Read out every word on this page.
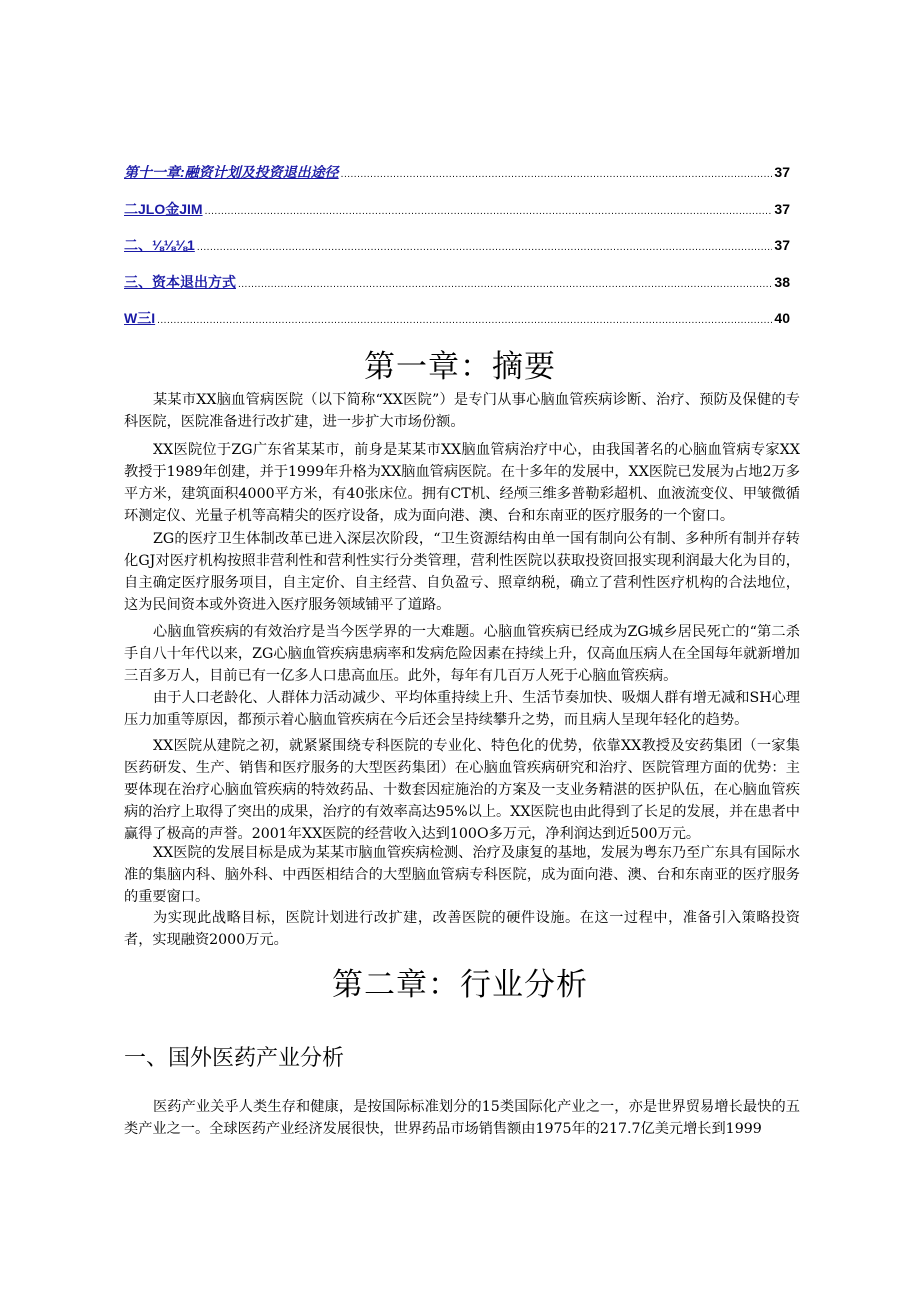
第十一章:融资计划及投资退出途径 .....	37
二JLO金JIM .....	37
二、⅛⅛⅛1 .....	37
三、资本退出方式 .....	38
W三I .....	40
第一章：摘要

某某市XX脑血管病医院（以下简称“XX医院”）是专门从事心脑血管疾病诊断、治疗、预防及保健的专科医院，医院准备进行改扩建，进一步扩大市场份额。

XX医院位于ZG广东省某某市，前身是某某市XX脑血管病治疗中心，由我国著名的心脑血管病专家XX教授于1989年创建，并于1999年升格为XX脑血管病医院。在十多年的发展中，XX医院已发展为占地2万多平方米，建筑面积4000平方米，有40张床位。拥有CT机、经颅三维多普勒彩超机、血液流变仪、甲皱微循环测定仪、光量子机等高精尖的医疗设备，成为面向港、澳、台和东南亚的医疗服务的一个窗口。

ZG的医疗卫生体制改革已进入深层次阶段，“卫生资源结构由单一国有制向公有制、多种所有制并存转化GJ对医疗机构按照非营利性和营利性实行分类管理，营利性医院以获取投资回报实现利润最大化为目的，自主确定医疗服务项目，自主定价、自主经营、自负盈亏、照章纳税，确立了营利性医疗机构的合法地位，这为民间资本或外资进入医疗服务领域铺平了道路。

心脑血管疾病的有效治疗是当今医学界的一大难题。心脑血管疾病已经成为ZG城乡居民死亡的“第二杀手自八十年代以来，ZG心脑血管疾病患病率和发病危险因素在持续上升，仅高血压病人在全国每年就新增加三百多万人，目前已有一亿多人口患高血压。此外，每年有几百万人死于心脑血管疾病。

由于人口老龄化、人群体力活动减少、平均体重持续上升、生活节奏加快、吸烟人群有增无减和SH心理压力加重等原因，都预示着心脑血管疾病在今后还会呈持续攀升之势，而且病人呈现年轻化的趋势。

XX医院从建院之初，就紧紧围绕专科医院的专业化、特色化的优势，依靠XX教授及安药集团（一家集医药研发、生产、销售和医疗服务的大型医药集团）在心脑血管疾病研究和治疗、医院管理方面的优势：主要体现在治疗心脑血管疾病的特效药品、十数套因症施治的方案及一支业务精湛的医护队伍，在心脑血管疾病的治疗上取得了突出的成果，治疗的有效率高达95%以上。XX医院也由此得到了长足的发展，并在患者中赢得了极高的声誉。2001年XX医院的经营收入达到100O多万元，净利润达到近500万元。

XX医院的发展目标是成为某某市脑血管疾病检测、治疗及康复的基地，发展为粤东乃至广东具有国际水准的集脑内科、脑外科、中西医相结合的大型脑血管病专科医院，成为面向港、澳、台和东南亚的医疗服务的重要窗口。

为实现此战略目标，医院计划进行改扩建，改善医院的硬件设施。在这一过程中，准备引入策略投资者，实现融资2000万元。

第二章：行业分析
一、国外医药产业分析

医药产业关乎人类生存和健康，是按国际标准划分的15类国际化产业之一，亦是世界贸易增长最快的五类产业之一。全球医药产业经济发展很快，世界药品市场销售额由1975年的217.7亿美元增长到1999
